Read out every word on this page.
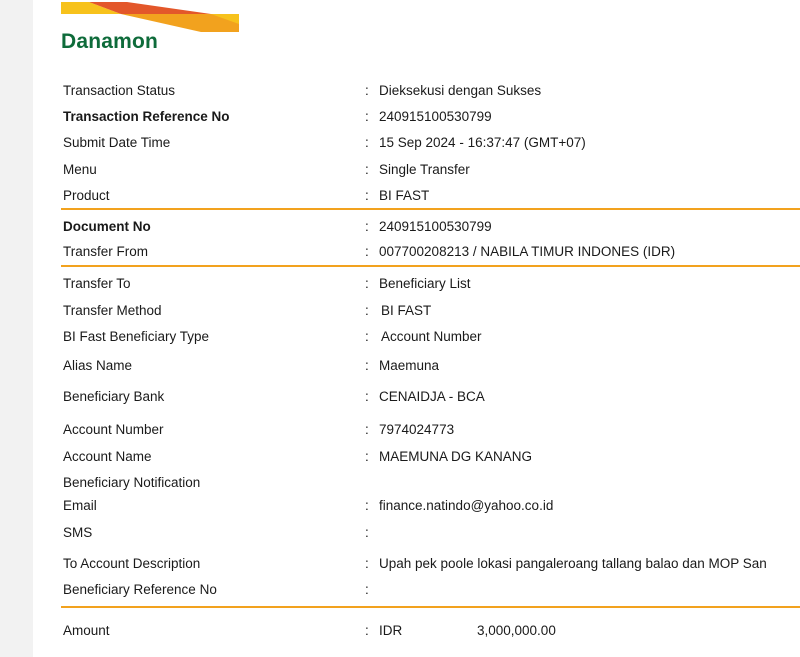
Danamon
Transaction Status	: Dieksekusi dengan Sukses
Transaction Reference No	: 240915100530799
Submit Date Time	: 15 Sep 2024 - 16:37:47 (GMT+07)
Menu	: Single Transfer
Product	: BI FAST
Document No	: 240915100530799
Transfer From	: 007700208213 / NABILA TIMUR INDONES (IDR)
Transfer To	: Beneficiary List
Transfer Method	: BI FAST
BI Fast Beneficiary Type	: Account Number
Alias Name	: Maemuna
Beneficiary Bank	: CENAIDJA - BCA
Account Number	: 7974024773
Account Name	: MAEMUNA DG KANANG
Beneficiary Notification
Email	: finance.natindo@yahoo.co.id
SMS	:
To Account Description	: Upah pek poole lokasi pangaleroang tallang balao dan MOP San
Beneficiary Reference No	:
Amount	: IDR	3,000,000.00
